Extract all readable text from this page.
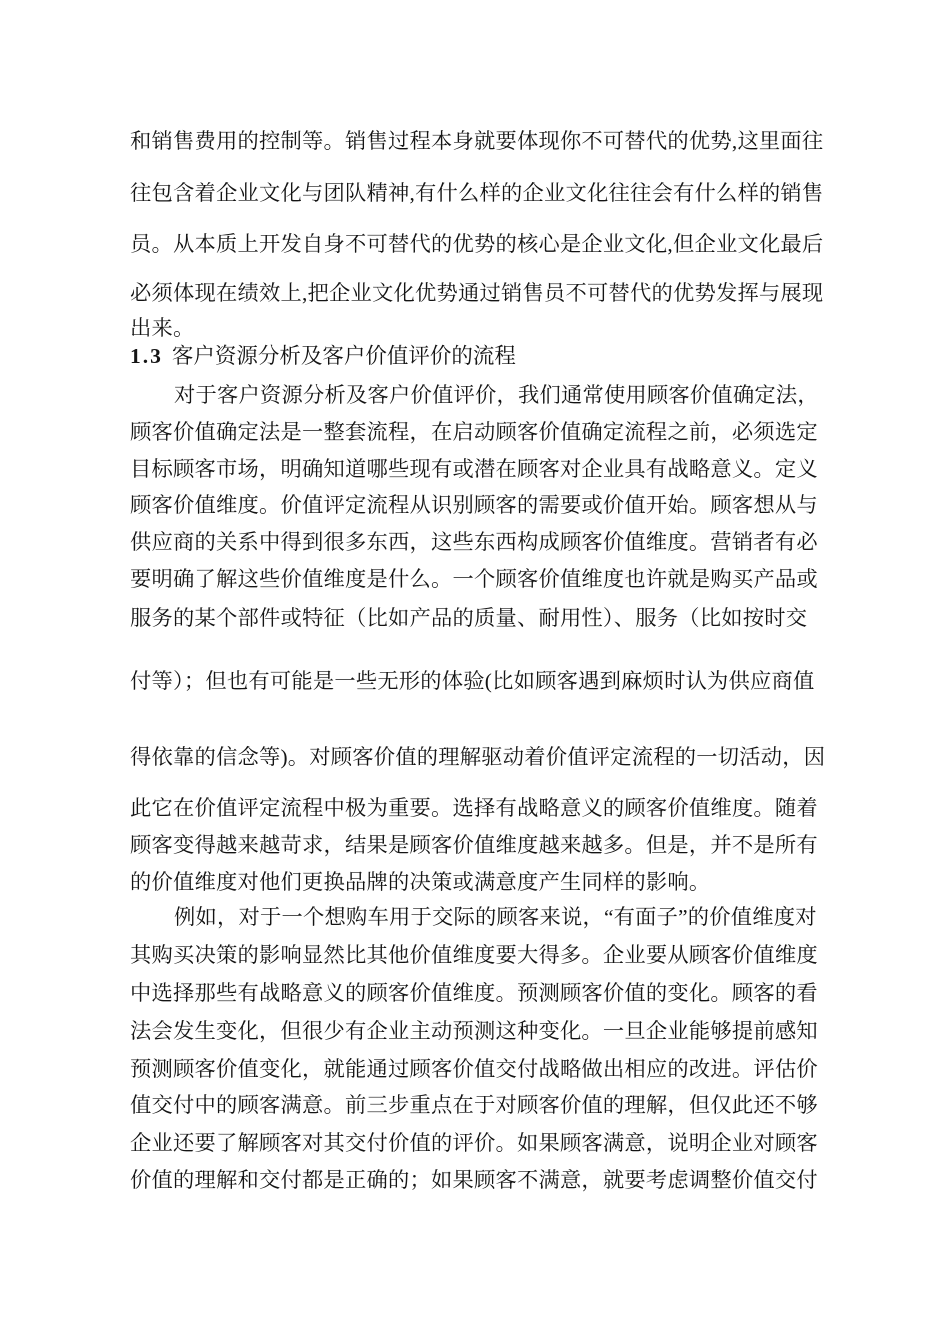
和销售费用的控制等。销售过程本身就要体现你不可替代的优势,这里面往
往包含着企业文化与团队精神,有什么样的企业文化往往会有什么样的销售
员。从本质上开发自身不可替代的优势的核心是企业文化,但企业文化最后
必须体现在绩效上,把企业文化优势通过销售员不可替代的优势发挥与展现
出来。
1.3 客户资源分析及客户价值评价的流程
对于客户资源分析及客户价值评价，我们通常使用顾客价值确定法，
顾客价值确定法是一整套流程，在启动顾客价值确定流程之前，必须选定
目标顾客市场，明确知道哪些现有或潜在顾客对企业具有战略意义。定义
顾客价值维度。价值评定流程从识别顾客的需要或价值开始。顾客想从与
供应商的关系中得到很多东西，这些东西构成顾客价值维度。营销者有必
要明确了解这些价值维度是什么。一个顾客价值维度也许就是购买产品或
服务的某个部件或特征（比如产品的质量、耐用性）、服务（比如按时交
付等）；但也有可能是一些无形的体验(比如顾客遇到麻烦时认为供应商值
得依靠的信念等)。对顾客价值的理解驱动着价值评定流程的一切活动，因
此它在价值评定流程中极为重要。选择有战略意义的顾客价值维度。随着
顾客变得越来越苛求，结果是顾客价值维度越来越多。但是，并不是所有
的价值维度对他们更换品牌的决策或满意度产生同样的影响。
例如，对于一个想购车用于交际的顾客来说，“有面子”的价值维度对
其购买决策的影响显然比其他价值维度要大得多。企业要从顾客价值维度
中选择那些有战略意义的顾客价值维度。预测顾客价值的变化。顾客的看
法会发生变化，但很少有企业主动预测这种变化。一旦企业能够提前感知
预测顾客价值变化，就能通过顾客价值交付战略做出相应的改进。评估价
值交付中的顾客满意。前三步重点在于对顾客价值的理解，但仅此还不够
企业还要了解顾客对其交付价值的评价。如果顾客满意，说明企业对顾客
价值的理解和交付都是正确的；如果顾客不满意，就要考虑调整价值交付
